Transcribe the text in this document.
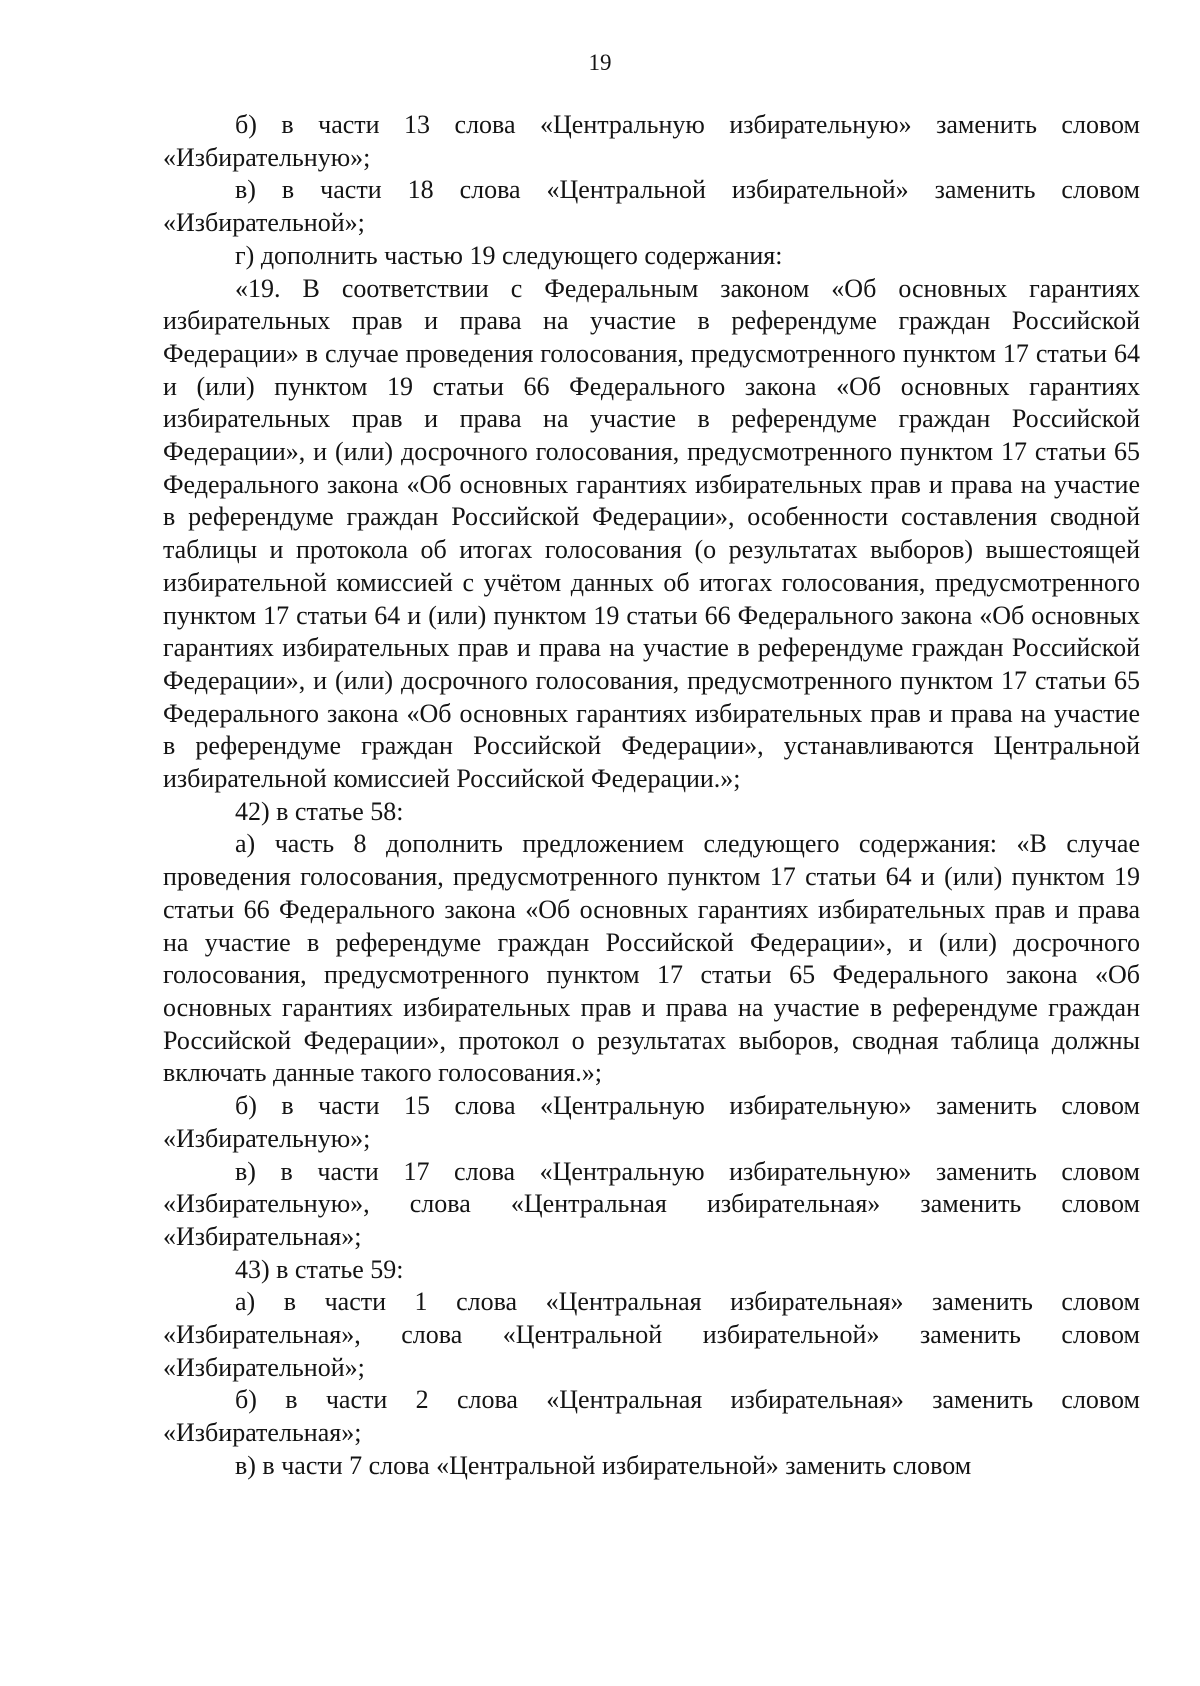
19

б) в части 13 слова «Центральную избирательную» заменить словом «Избирательную»;

в) в части 18 слова «Центральной избирательной» заменить словом «Избирательной»;

г) дополнить частью 19 следующего содержания:

«19. В соответствии с Федеральным законом «Об основных гарантиях избирательных прав и права на участие в референдуме граждан Российской Федерации» в случае проведения голосования, предусмотренного пунктом 17 статьи 64 и (или) пунктом 19 статьи 66 Федерального закона «Об основных гарантиях избирательных прав и права на участие в референдуме граждан Российской Федерации», и (или) досрочного голосования, предусмотренного пунктом 17 статьи 65 Федерального закона «Об основных гарантиях избирательных прав и права на участие в референдуме граждан Российской Федерации», особенности составления сводной таблицы и протокола об итогах голосования (о результатах выборов) вышестоящей избирательной комиссией с учётом данных об итогах голосования, предусмотренного пунктом 17 статьи 64 и (или) пунктом 19 статьи 66 Федерального закона «Об основных гарантиях избирательных прав и права на участие в референдуме граждан Российской Федерации», и (или) досрочного голосования, предусмотренного пунктом 17 статьи 65 Федерального закона «Об основных гарантиях избирательных прав и права на участие в референдуме граждан Российской Федерации», устанавливаются Центральной избирательной комиссией Российской Федерации.»;

42) в статье 58:

а) часть 8 дополнить предложением следующего содержания: «В случае проведения голосования, предусмотренного пунктом 17 статьи 64 и (или) пунктом 19 статьи 66 Федерального закона «Об основных гарантиях избирательных прав и права на участие в референдуме граждан Российской Федерации», и (или) досрочного голосования, предусмотренного пунктом 17 статьи 65 Федерального закона «Об основных гарантиях избирательных прав и права на участие в референдуме граждан Российской Федерации», протокол о результатах выборов, сводная таблица должны включать данные такого голосования.»;

б) в части 15 слова «Центральную избирательную» заменить словом «Избирательную»;

в) в части 17 слова «Центральную избирательную» заменить словом «Избирательную», слова «Центральная избирательная» заменить словом «Избирательная»;

43) в статье 59:

а) в части 1 слова «Центральная избирательная» заменить словом «Избирательная», слова «Центральной избирательной» заменить словом «Избирательной»;

б) в части 2 слова «Центральная избирательная» заменить словом «Избирательная»;

в) в части 7 слова «Центральной избирательной» заменить словом
